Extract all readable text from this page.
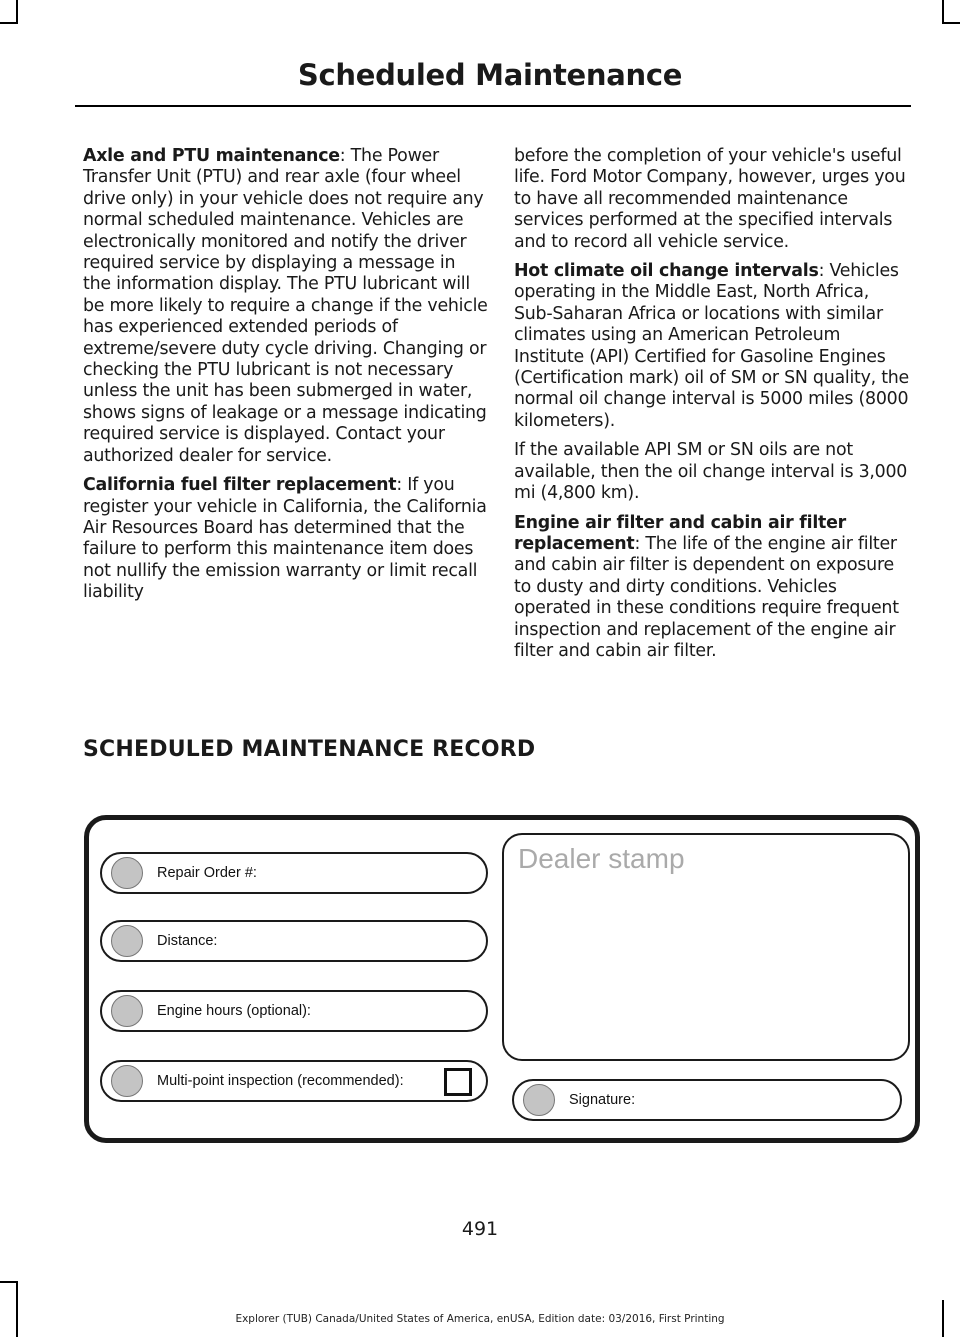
Scheduled Maintenance

Axle and PTU maintenance: The Power Transfer Unit (PTU) and rear axle (four wheel drive only) in your vehicle does not require any normal scheduled maintenance. Vehicles are electronically monitored and notify the driver required service by displaying a message in the information display. The PTU lubricant will be more likely to require a change if the vehicle has experienced extended periods of extreme/severe duty cycle driving. Changing or checking the PTU lubricant is not necessary unless the unit has been submerged in water, shows signs of leakage or a message indicating required service is displayed. Contact your authorized dealer for service.

California fuel filter replacement: If you register your vehicle in California, the California Air Resources Board has determined that the failure to perform this maintenance item does not nullify the emission warranty or limit recall liability

before the completion of your vehicle's useful life. Ford Motor Company, however, urges you to have all recommended maintenance services performed at the specified intervals and to record all vehicle service.

Hot climate oil change intervals: Vehicles operating in the Middle East, North Africa, Sub-Saharan Africa or locations with similar climates using an American Petroleum Institute (API) Certified for Gasoline Engines (Certification mark) oil of SM or SN quality, the normal oil change interval is 5000 miles (8000 kilometers).

If the available API SM or SN oils are not available, then the oil change interval is 3,000 mi (4,800 km).

Engine air filter and cabin air filter replacement: The life of the engine air filter and cabin air filter is dependent on exposure to dusty and dirty conditions. Vehicles operated in these conditions require frequent inspection and replacement of the engine air filter and cabin air filter.

SCHEDULED MAINTENANCE RECORD
Repair Order #:
Distance:
Engine hours (optional):
Multi-point inspection (recommended):
Dealer stamp
Signature:
491
Explorer (TUB) Canada/United States of America, enUSA, Edition date: 03/2016, First Printing
